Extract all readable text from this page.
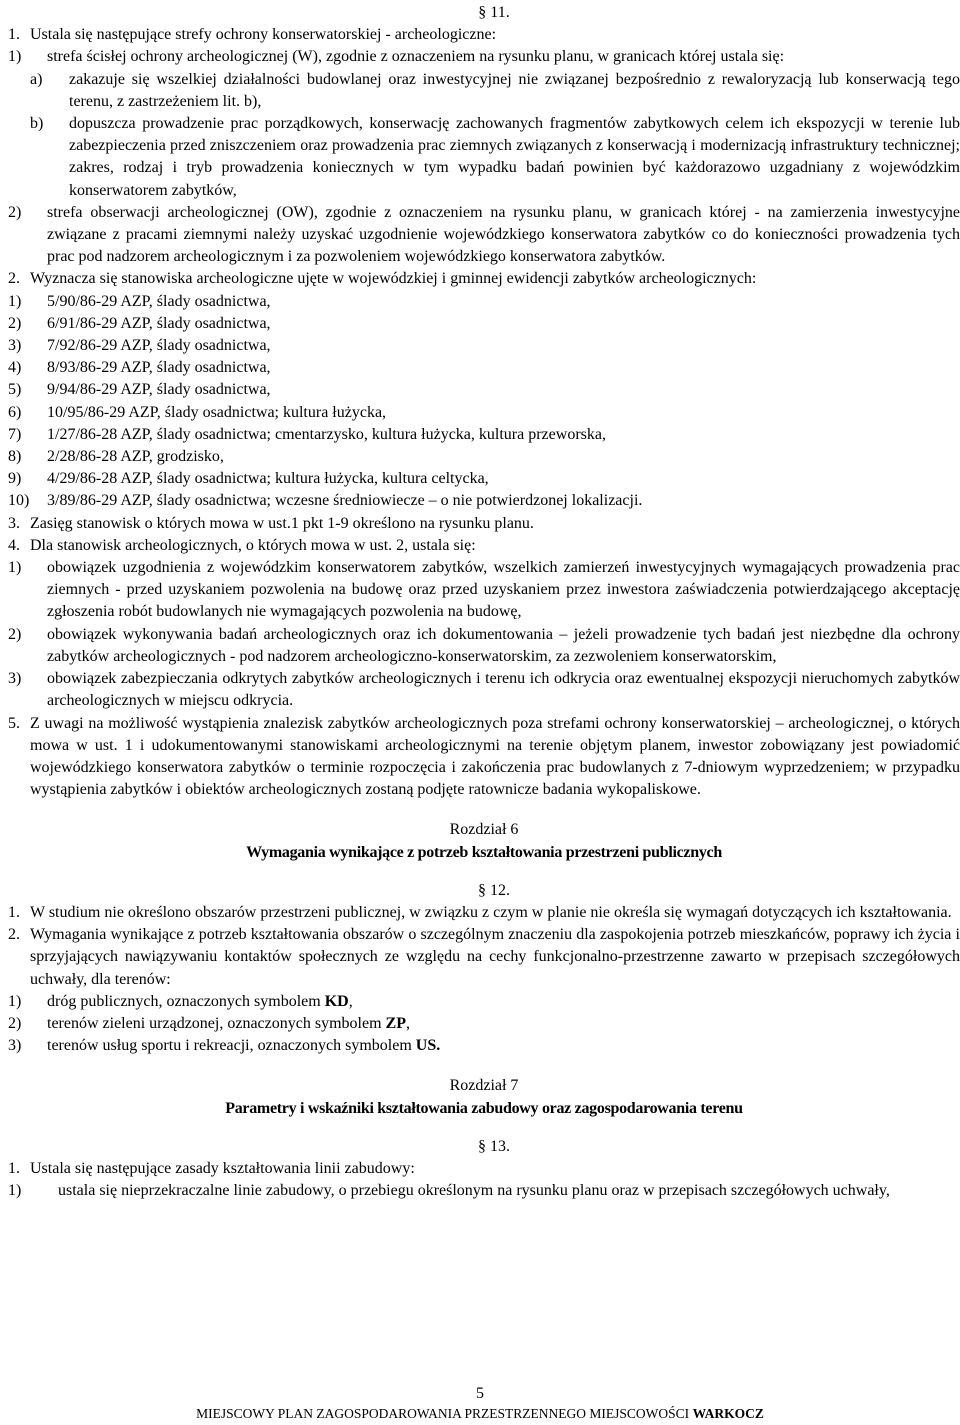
§ 11.
1. Ustala się następujące strefy ochrony konserwatorskiej - archeologiczne:
1)	strefa ścisłej ochrony archeologicznej (W), zgodnie z oznaczeniem na rysunku planu, w granicach której ustala się:
a)	zakazuje się wszelkiej działalności budowlanej oraz inwestycyjnej nie związanej bezpośrednio z rewaloryzacją lub konserwacją tego terenu, z zastrzeżeniem lit. b),
b)	dopuszcza prowadzenie prac porządkowych, konserwację zachowanych fragmentów zabytkowych celem ich ekspozycji w terenie lub zabezpieczenia przed zniszczeniem oraz prowadzenia prac ziemnych związanych z konserwacją i modernizacją infrastruktury technicznej; zakres, rodzaj i tryb prowadzenia koniecznych w tym wypadku badań powinien być każdorazowo uzgadniany z wojewódzkim konserwatorem zabytków,
2)	strefa obserwacji archeologicznej (OW), zgodnie z oznaczeniem na rysunku planu, w granicach której - na zamierzenia inwestycyjne związane z pracami ziemnymi należy uzyskać uzgodnienie wojewódzkiego konserwatora zabytków co do konieczności prowadzenia tych prac pod nadzorem archeologicznym i za pozwoleniem wojewódzkiego konserwatora zabytków.
2. Wyznacza się stanowiska archeologiczne ujęte w wojewódzkiej i gminnej ewidencji zabytków archeologicznych:
1)	5/90/86-29 AZP, ślady osadnictwa,
2)	6/91/86-29 AZP, ślady osadnictwa,
3)	7/92/86-29 AZP, ślady osadnictwa,
4)	8/93/86-29 AZP, ślady osadnictwa,
5)	9/94/86-29 AZP, ślady osadnictwa,
6)	10/95/86-29 AZP, ślady osadnictwa; kultura łużycka,
7)	1/27/86-28 AZP, ślady osadnictwa; cmentarzysko, kultura łużycka, kultura przeworska,
8)	2/28/86-28 AZP, grodzisko,
9)	4/29/86-28 AZP, ślady osadnictwa; kultura łużycka, kultura celtycka,
10)	3/89/86-29 AZP, ślady osadnictwa; wczesne średniowiecze – o nie potwierdzonej lokalizacji.
3. Zasięg stanowisk o których mowa w ust.1 pkt 1-9 określono na rysunku planu.
4. Dla stanowisk archeologicznych, o których mowa w ust. 2, ustala się:
1)	obowiązek uzgodnienia z wojewódzkim konserwatorem zabytków, wszelkich zamierzeń inwestycyjnych wymagających prowadzenia prac ziemnych - przed uzyskaniem pozwolenia na budowę oraz przed uzyskaniem przez inwestora zaświadczenia potwierdzającego akceptację zgłoszenia robót budowlanych nie wymagających pozwolenia na budowę,
2)	obowiązek wykonywania badań archeologicznych oraz ich dokumentowania – jeżeli prowadzenie tych badań jest niezbędne dla ochrony zabytków archeologicznych - pod nadzorem archeologiczno-konserwatorskim, za zezwoleniem konserwatorskim,
3)	obowiązek zabezpieczania odkrytych zabytków archeologicznych i terenu ich odkrycia oraz ewentualnej ekspozycji nieruchomych zabytków archeologicznych w miejscu odkrycia.
5. Z uwagi na możliwość wystąpienia znalezisk zabytków archeologicznych poza strefami ochrony konserwatorskiej – archeologicznej, o których mowa w ust. 1 i udokumentowanymi stanowiskami archeologicznymi na terenie objętym planem, inwestor zobowiązany jest powiadomić wojewódzkiego konserwatora zabytków o terminie rozpoczęcia i zakończenia prac budowlanych z 7-dniowym wyprzedzeniem; w przypadku wystąpienia zabytków i obiektów archeologicznych zostaną podjęte ratownicze badania wykopaliskowe.
Rozdział 6
Wymagania wynikające z potrzeb kształtowania przestrzeni publicznych
§ 12.
1. W studium nie określono obszarów przestrzeni publicznej, w związku z czym w planie nie określa się wymagań dotyczących ich kształtowania.
2. Wymagania wynikające z potrzeb kształtowania obszarów o szczególnym znaczeniu dla zaspokojenia potrzeb mieszkańców, poprawy ich życia i sprzyjających nawiązywaniu kontaktów społecznych ze względu na cechy funkcjonalno-przestrzenne zawarto w przepisach szczegółowych uchwały, dla terenów:
1)	dróg publicznych, oznaczonych symbolem KD,
2)	terenów zieleni urządzonej, oznaczonych symbolem ZP,
3)	terenów usług sportu i rekreacji, oznaczonych symbolem US.
Rozdział 7
Parametry i wskaźniki kształtowania zabudowy oraz zagospodarowania terenu
§ 13.
1. Ustala się następujące zasady kształtowania linii zabudowy:
1)	ustala się nieprzekraczalne linie zabudowy, o przebiegu określonym na rysunku planu oraz w przepisach szczegółowych uchwały,
5
MIEJSCOWY PLAN ZAGOSPODAROWANIA PRZESTRZENNEGO MIEJSCOWOŚCI WARKOCZ
